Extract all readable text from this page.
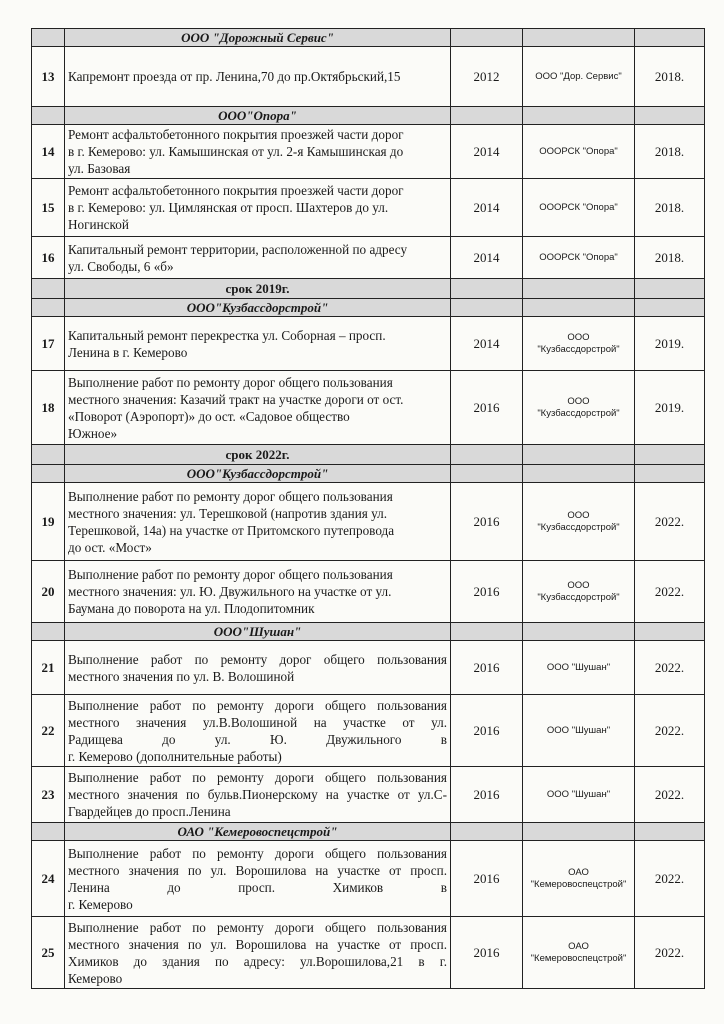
	ООО "Дорожный Сервис"			
13	Капремонт проезда от пр. Ленина,70 до пр.Октябрьский,15	2012	ООО "Дор. Сервис"	2018.
	ООО"Опора"			
14	Ремонт асфальтобетонного покрытия проезжей части дорог
в г. Кемерово: ул. Камышинская от ул. 2-я Камышинская до
ул. Базовая	2014	ОООРСК "Опора"	2018.
15	Ремонт асфальтобетонного покрытия проезжей части дорог
в г. Кемерово: ул. Цимлянская от просп. Шахтеров до ул.
Ногинской	2014	ОООРСК "Опора"	2018.
16	Капитальный ремонт территории, расположенной по адресу
ул. Свободы, 6 «б»	2014	ОООРСК "Опора"	2018.
	срок 2019г.			
	ООО"Кузбассдорстрой"			
17	Капитальный ремонт перекрестка ул. Соборная – просп.
Ленина в г. Кемерово	2014	ООО "Кузбассдорстрой"	2019.
18	Выполнение работ по ремонту дорог общего пользования
местного значения: Казачий тракт на участке дороги от ост.
«Поворот (Аэропорт)» до ост. «Садовое общество
Южное»	2016	ООО "Кузбассдорстрой"	2019.
	срок 2022г.			
	ООО"Кузбассдорстрой"			
19	Выполнение работ по ремонту дорог общего пользования
местного значения: ул. Терешковой (напротив здания ул.
Терешковой, 14а) на участке от Притомского путепровода
до ост. «Мост»	2016	ООО "Кузбассдорстрой"	2022.
20	Выполнение работ по ремонту дорог общего пользования
местного значения: ул. Ю. Двужильного на участке от ул.
Баумана до поворота на ул. Плодопитомник	2016	ООО "Кузбассдорстрой"	2022.
	ООО"Шушан"			
21	Выполнение работ по ремонту дорог общего пользования
местного значения по ул. В. Волошиной	2016	ООО "Шушан"	2022.
22	Выполнение работ по ремонту дороги общего пользования
местного значения ул.В.Волошиной на участке от ул.
Радищева до ул. Ю. Двужильного в
г. Кемерово (дополнительные работы)	2016	ООО "Шушан"	2022.
23	Выполнение работ по ремонту дороги общего пользования
местного значения по бульв.Пионерскому на участке от ул.С-
Гвардейцев до просп.Ленина	2016	ООО "Шушан"	2022.
	ОАО "Кемеровоспецстрой"			
24	Выполнение работ по ремонту дороги общего пользования
местного значения по ул. Ворошилова на участке от просп.
Ленина до просп. Химиков в
г. Кемерово	2016	ОАО "Кемеровоспецстрой"	2022.
25	Выполнение работ по ремонту дороги общего пользования
местного значения по ул. Ворошилова на участке от просп.
Химиков до здания по адресу: ул.Ворошилова,21 в г.
Кемерово	2016	ОАО "Кемеровоспецстрой"	2022.
